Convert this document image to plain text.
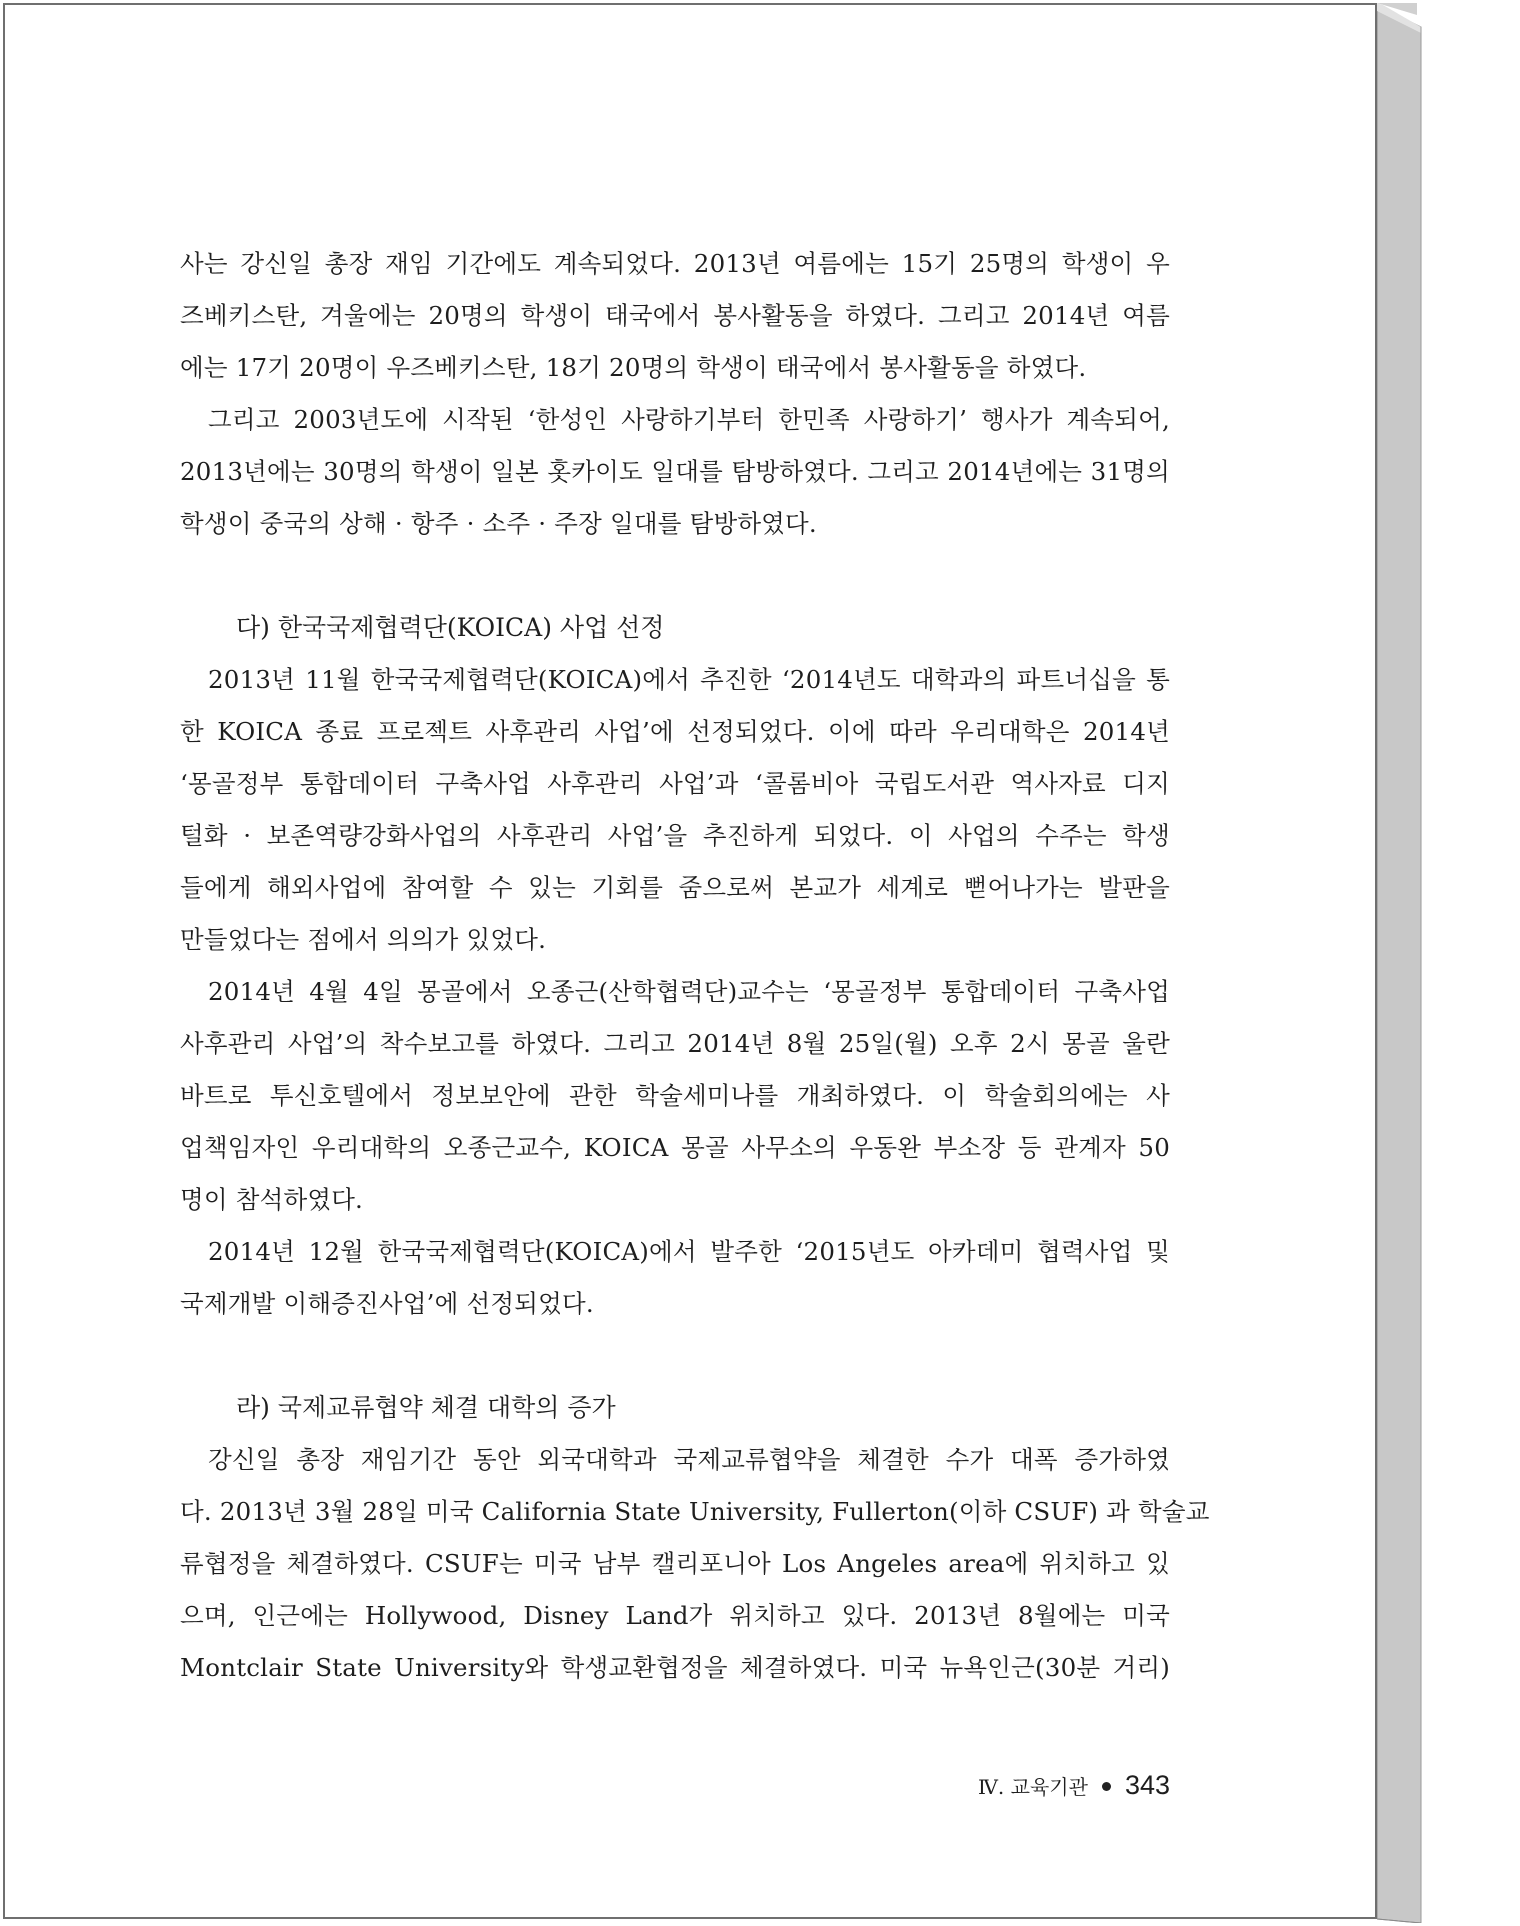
사는 강신일 총장 재임 기간에도 계속되었다. 2013년 여름에는 15기 25명의 학생이 우
즈베키스탄, 겨울에는 20명의 학생이 태국에서 봉사활동을 하였다. 그리고 2014년 여름
에는 17기 20명이 우즈베키스탄, 18기 20명의 학생이 태국에서 봉사활동을 하였다.
그리고 2003년도에 시작된 ‘한성인 사랑하기부터 한민족 사랑하기’ 행사가 계속되어,
2013년에는 30명의 학생이 일본 홋카이도 일대를 탐방하였다. 그리고 2014년에는 31명의
학생이 중국의 상해 · 항주 · 소주 · 주장 일대를 탐방하였다.
다) 한국국제협력단(KOICA) 사업 선정
2013년 11월 한국국제협력단(KOICA)에서 추진한 ‘2014년도 대학과의 파트너십을 통
한 KOICA 종료 프로젝트 사후관리 사업’에 선정되었다. 이에 따라 우리대학은 2014년
‘몽골정부 통합데이터 구축사업 사후관리 사업’과 ‘콜롬비아 국립도서관 역사자료 디지
털화 · 보존역량강화사업의 사후관리 사업’을 추진하게 되었다. 이 사업의 수주는 학생
들에게 해외사업에 참여할 수 있는 기회를 줌으로써 본교가 세계로 뻗어나가는 발판을
만들었다는 점에서 의의가 있었다.
2014년 4월 4일 몽골에서 오종근(산학협력단)교수는 ‘몽골정부 통합데이터 구축사업
사후관리 사업’의 착수보고를 하였다. 그리고 2014년 8월 25일(월) 오후 2시 몽골 울란
바트로 투신호텔에서 정보보안에 관한 학술세미나를 개최하였다. 이 학술회의에는 사
업책임자인 우리대학의 오종근교수, KOICA 몽골 사무소의 우동완 부소장 등 관계자 50
명이 참석하였다.
2014년 12월 한국국제협력단(KOICA)에서 발주한 ‘2015년도 아카데미 협력사업 및
국제개발 이해증진사업’에 선정되었다.
라) 국제교류협약 체결 대학의 증가
강신일 총장 재임기간 동안 외국대학과 국제교류협약을 체결한 수가 대폭 증가하였
다. 2013년 3월 28일 미국 California State University, Fullerton(이하 CSUF) 과 학술교
류협정을 체결하였다. CSUF는 미국 남부 캘리포니아 Los Angeles area에 위치하고 있
으며, 인근에는 Hollywood, Disney Land가 위치하고 있다. 2013년 8월에는 미국
Montclair State University와 학생교환협정을 체결하였다. 미국 뉴욕인근(30분 거리)
Ⅳ. 교육기관 343
